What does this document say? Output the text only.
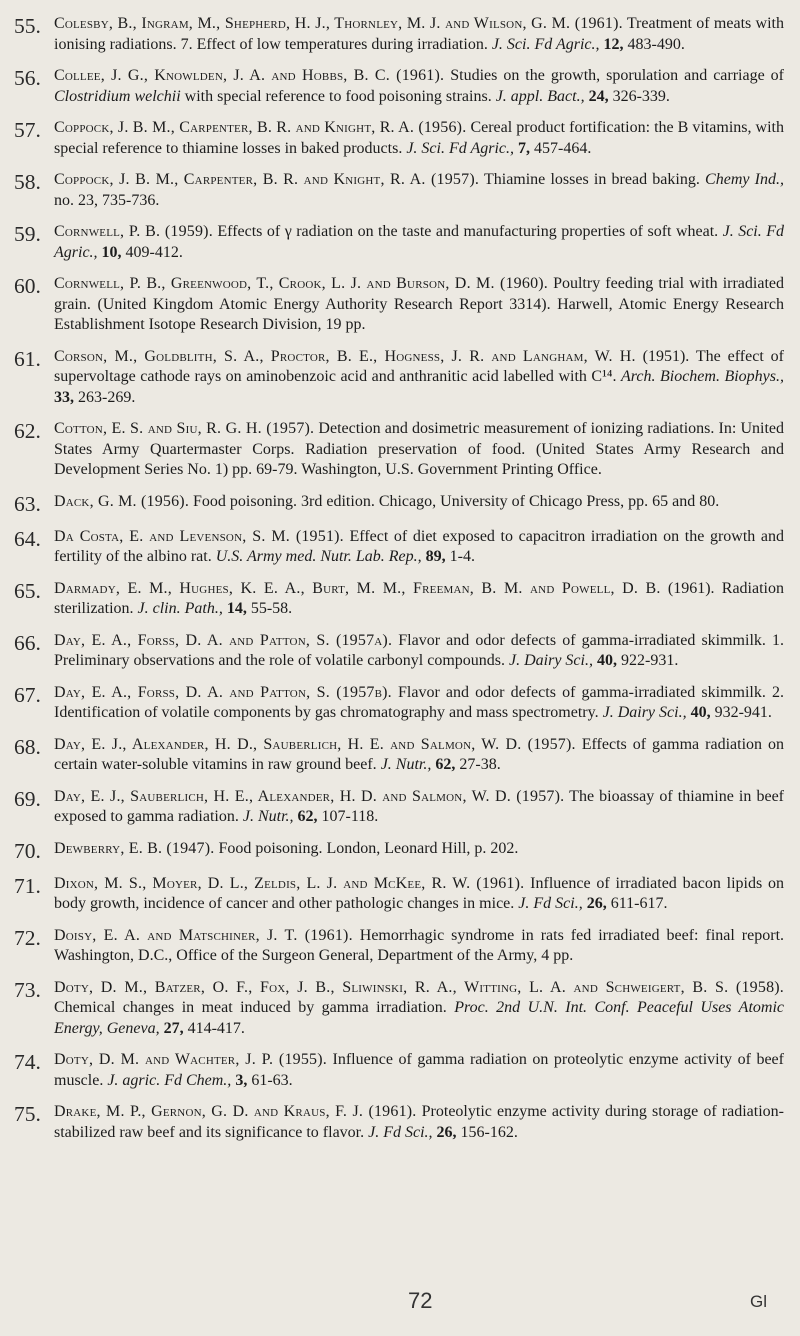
55. Colesby, B., Ingram, M., Shepherd, H. J., Thornley, M. J. and Wilson, G. M. (1961). Treatment of meats with ionising radiations. 7. Effect of low temperatures during irradiation. J. Sci. Fd Agric., 12, 483-490.
56. Collee, J. G., Knowlden, J. A. and Hobbs, B. C. (1961). Studies on the growth, sporulation and carriage of Clostridium welchii with special reference to food poisoning strains. J. appl. Bact., 24, 326-339.
57. Coppock, J. B. M., Carpenter, B. R. and Knight, R. A. (1956). Cereal product fortification: the B vitamins, with special reference to thiamine losses in baked products. J. Sci. Fd Agric., 7, 457-464.
58. Coppock, J. B. M., Carpenter, B. R. and Knight, R. A. (1957). Thiamine losses in bread baking. Chemy Ind., no. 23, 735-736.
59. Cornwell, P. B. (1959). Effects of γ radiation on the taste and manufacturing properties of soft wheat. J. Sci. Fd Agric., 10, 409-412.
60. Cornwell, P. B., Greenwood, T., Crook, L. J. and Burson, D. M. (1960). Poultry feeding trial with irradiated grain. (United Kingdom Atomic Energy Authority Research Report 3314). Harwell, Atomic Energy Research Establishment Isotope Research Division, 19 pp.
61. Corson, M., Goldblith, S. A., Proctor, B. E., Hogness, J. R. and Langham, W. H. (1951). The effect of supervoltage cathode rays on aminobenzoic acid and anthranitic acid labelled with C¹⁴. Arch. Biochem. Biophys., 33, 263-269.
62. Cotton, E. S. and Siu, R. G. H. (1957). Detection and dosimetric measurement of ionizing radiations. In: United States Army Quartermaster Corps. Radiation preservation of food. (United States Army Research and Development Series No. 1) pp. 69-79. Washington, U.S. Government Printing Office.
63. Dack, G. M. (1956). Food poisoning. 3rd edition. Chicago, University of Chicago Press, pp. 65 and 80.
64. Da Costa, E. and Levenson, S. M. (1951). Effect of diet exposed to capacitron irradiation on the growth and fertility of the albino rat. U.S. Army med. Nutr. Lab. Rep., 89, 1-4.
65. Darmady, E. M., Hughes, K. E. A., Burt, M. M., Freeman, B. M. and Powell, D. B. (1961). Radiation sterilization. J. clin. Path., 14, 55-58.
66. Day, E. A., Forss, D. A. and Patton, S. (1957a). Flavor and odor defects of gamma-irradiated skimmilk. 1. Preliminary observations and the role of volatile carbonyl compounds. J. Dairy Sci., 40, 922-931.
67. Day, E. A., Forss, D. A. and Patton, S. (1957b). Flavor and odor defects of gamma-irradiated skimmilk. 2. Identification of volatile components by gas chromatography and mass spectrometry. J. Dairy Sci., 40, 932-941.
68. Day, E. J., Alexander, H. D., Sauberlich, H. E. and Salmon, W. D. (1957). Effects of gamma radiation on certain water-soluble vitamins in raw ground beef. J. Nutr., 62, 27-38.
69. Day, E. J., Sauberlich, H. E., Alexander, H. D. and Salmon, W. D. (1957). The bioassay of thiamine in beef exposed to gamma radiation. J. Nutr., 62, 107-118.
70. Dewberry, E. B. (1947). Food poisoning. London, Leonard Hill, p. 202.
71. Dixon, M. S., Moyer, D. L., Zeldis, L. J. and McKee, R. W. (1961). Influence of irradiated bacon lipids on body growth, incidence of cancer and other pathologic changes in mice. J. Fd Sci., 26, 611-617.
72. Doisy, E. A. and Matschiner, J. T. (1961). Hemorrhagic syndrome in rats fed irradiated beef: final report. Washington, D.C., Office of the Surgeon General, Department of the Army, 4 pp.
73. Doty, D. M., Batzer, O. F., Fox, J. B., Sliwinski, R. A., Witting, L. A. and Schweigert, B. S. (1958). Chemical changes in meat induced by gamma irradiation. Proc. 2nd U.N. Int. Conf. Peaceful Uses Atomic Energy, Geneva, 27, 414-417.
74. Doty, D. M. and Wachter, J. P. (1955). Influence of gamma radiation on proteolytic enzyme activity of beef muscle. J. agric. Fd Chem., 3, 61-63.
75. Drake, M. P., Gernon, G. D. and Kraus, F. J. (1961). Proteolytic enzyme activity during storage of radiation-stabilized raw beef and its significance to flavor. J. Fd Sci., 26, 156-162.
72	Gl
